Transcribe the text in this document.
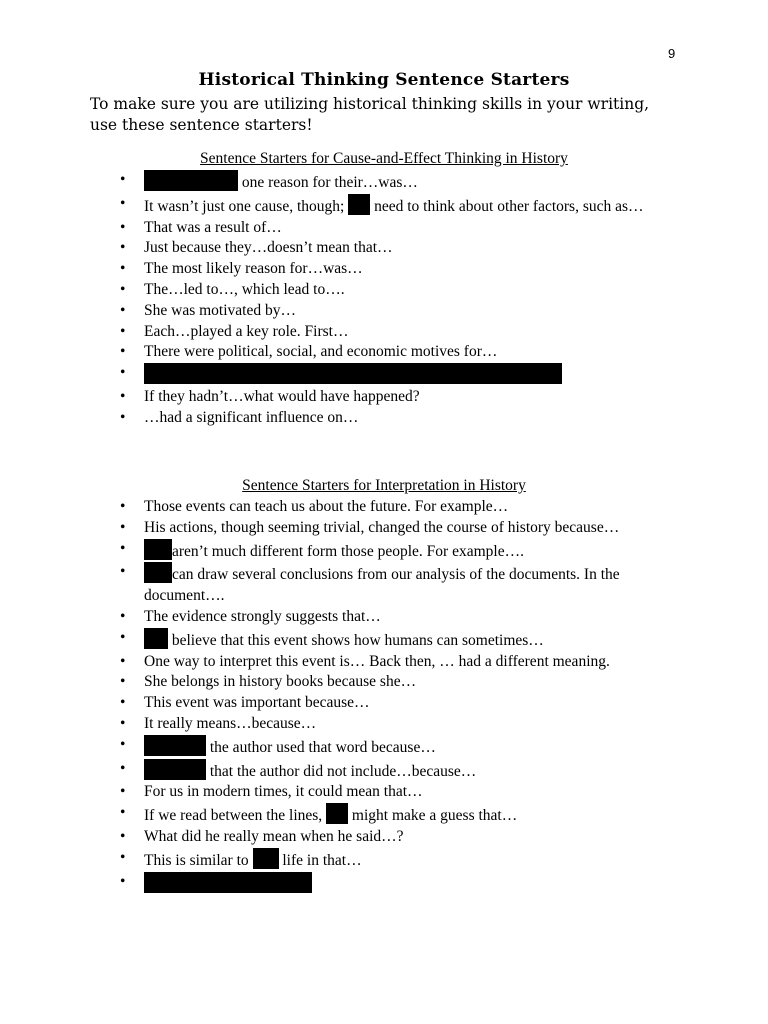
9
Historical Thinking Sentence Starters
To make sure you are utilizing historical thinking skills in your writing, use these sentence starters!
Sentence Starters for Cause-and-Effect Thinking in History
• one reason for their…was…
• It wasn’t just one cause, though;  need to think about other factors, such as…
• That was a result of…
• Just because they…doesn’t mean that…
• The most likely reason for…was…
• The…led to…, which lead to….
• She was motivated by…
• Each…played a key role. First…
• There were political, social, and economic motives for…
•
• If they hadn’t…what would have happened?
• …had a significant influence on…
Sentence Starters for Interpretation in History
• Those events can teach us about the future. For example…
• His actions, though seeming trivial, changed the course of history because…
• aren’t much different form those people. For example….
• can draw several conclusions from our analysis of the documents. In the document….
• The evidence strongly suggests that…
• believe that this event shows how humans can sometimes…
• One way to interpret this event is… Back then, … had a different meaning.
• She belongs in history books because she…
• This event was important because…
• It really means…because…
• the author used that word because…
• that the author did not include…because…
• For us in modern times, it could mean that…
• If we read between the lines,  might make a guess that…
• What did he really mean when he said…?
• This is similar to  life in that…
•
